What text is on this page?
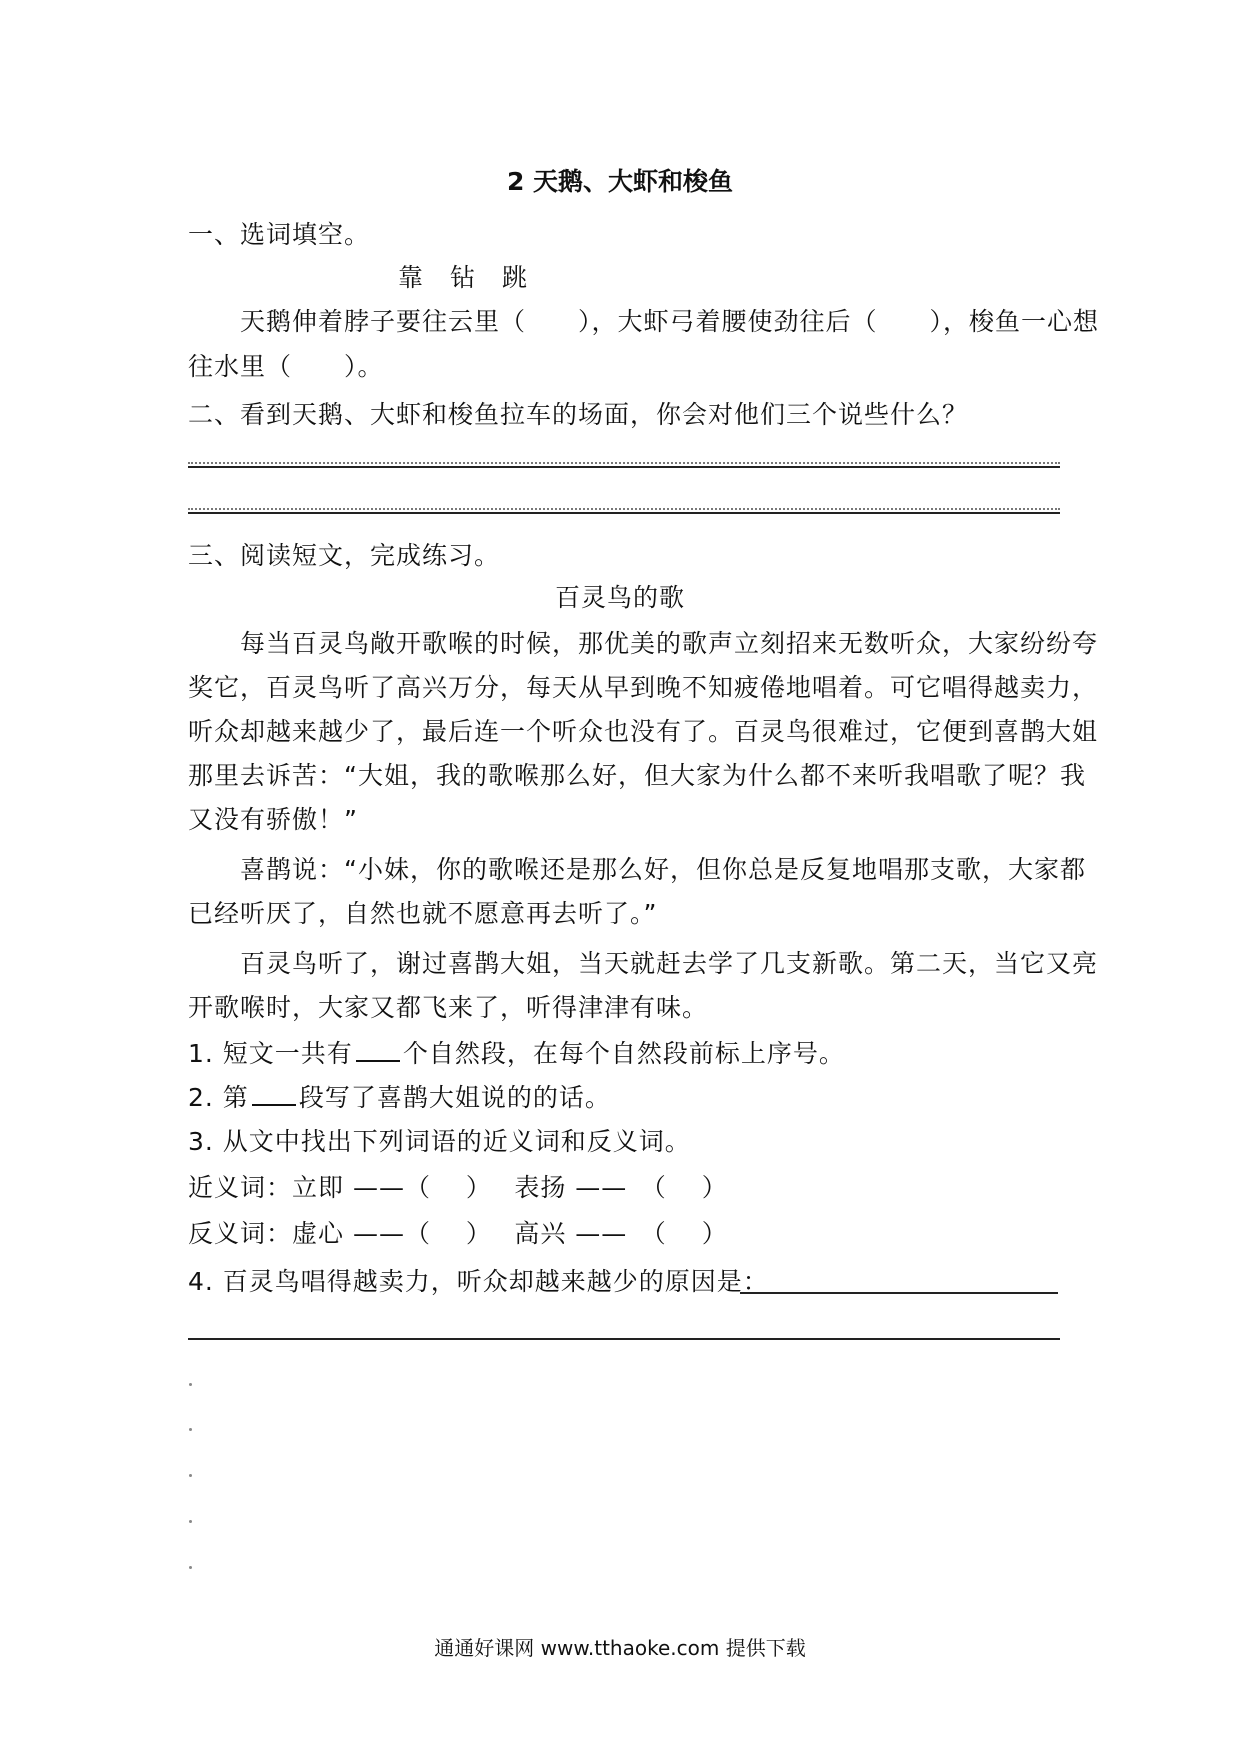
2 天鹅、大虾和梭鱼
一、选词填空。
靠　钻　跳
天鹅伸着脖子要往云里（　　），大虾弓着腰使劲往后（　　），梭鱼一心想
往水里（　　）。
二、看到天鹅、大虾和梭鱼拉车的场面，你会对他们三个说些什么？
三、阅读短文，完成练习。
百灵鸟的歌
每当百灵鸟敞开歌喉的时候，那优美的歌声立刻招来无数听众，大家纷纷夸
奖它，百灵鸟听了高兴万分，每天从早到晚不知疲倦地唱着。可它唱得越卖力，
听众却越来越少了，最后连一个听众也没有了。百灵鸟很难过，它便到喜鹊大姐
那里去诉苦：“大姐，我的歌喉那么好，但大家为什么都不来听我唱歌了呢？我
又没有骄傲！”
喜鹊说：“小妹，你的歌喉还是那么好，但你总是反复地唱那支歌，大家都
已经听厌了，自然也就不愿意再去听了。”
百灵鸟听了，谢过喜鹊大姐，当天就赶去学了几支新歌。第二天，当它又亮
开歌喉时，大家又都飞来了，听得津津有味。
1. 短文一共有 个自然段，在每个自然段前标上序号。
2. 第 段写了喜鹊大姐说的的话。
3. 从文中找出下列词语的近义词和反义词。
近义词：立即 ——（　 ）　 表扬 ——　（　 ）
反义词：虚心 ——（　 ）　 高兴 ——　（　 ）
4. 百灵鸟唱得越卖力，听众却越来越少的原因是：
通通好课网 www.tthaoke.com 提供下载
